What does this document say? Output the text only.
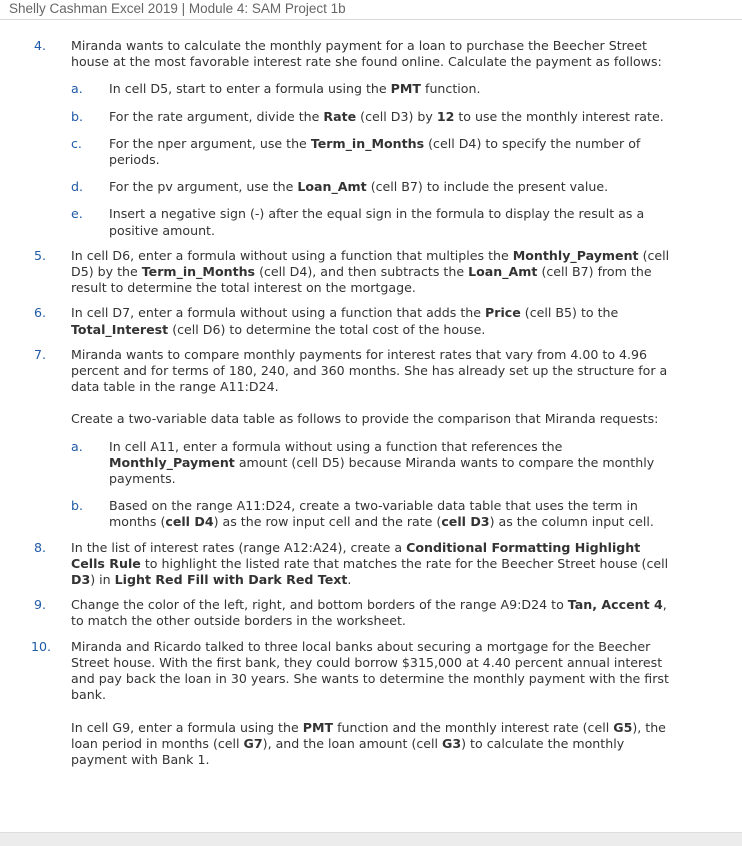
Shelly Cashman Excel 2019 | Module 4: SAM Project 1b
4.	Miranda wants to calculate the monthly payment for a loan to purchase the Beecher Street house at the most favorable interest rate she found online. Calculate the payment as follows:

a.	In cell D5, start to enter a formula using the PMT function.
b.	For the rate argument, divide the Rate (cell D3) by 12 to use the monthly interest rate.
c.	For the nper argument, use the Term_in_Months (cell D4) to specify the number of periods.
d.	For the pv argument, use the Loan_Amt (cell B7) to include the present value.
e.	Insert a negative sign (-) after the equal sign in the formula to display the result as a positive amount.
5.	In cell D6, enter a formula without using a function that multiples the Monthly_Payment (cell D5) by the Term_in_Months (cell D4), and then subtracts the Loan_Amt (cell B7) from the result to determine the total interest on the mortgage.

6.	In cell D7, enter a formula without using a function that adds the Price (cell B5) to the Total_Interest (cell D6) to determine the total cost of the house.

7.	Miranda wants to compare monthly payments for interest rates that vary from 4.00 to 4.96 percent and for terms of 180, 240, and 360 months. She has already set up the structure for a data table in the range A11:D24.

Create a two-variable data table as follows to provide the comparison that Miranda requests:

a.	In cell A11, enter a formula without using a function that references the Monthly_Payment amount (cell D5) because Miranda wants to compare the monthly payments.
b.	Based on the range A11:D24, create a two-variable data table that uses the term in months (cell D4) as the row input cell and the rate (cell D3) as the column input cell.
8.	In the list of interest rates (range A12:A24), create a Conditional Formatting Highlight Cells Rule to highlight the listed rate that matches the rate for the Beecher Street house (cell D3) in Light Red Fill with Dark Red Text.

9.	Change the color of the left, right, and bottom borders of the range A9:D24 to Tan, Accent 4, to match the other outside borders in the worksheet.

10.	Miranda and Ricardo talked to three local banks about securing a mortgage for the Beecher Street house. With the first bank, they could borrow $315,000 at 4.40 percent annual interest and pay back the loan in 30 years. She wants to determine the monthly payment with the first bank.

In cell G9, enter a formula using the PMT function and the monthly interest rate (cell G5), the loan period in months (cell G7), and the loan amount (cell G3) to calculate the monthly payment with Bank 1.
